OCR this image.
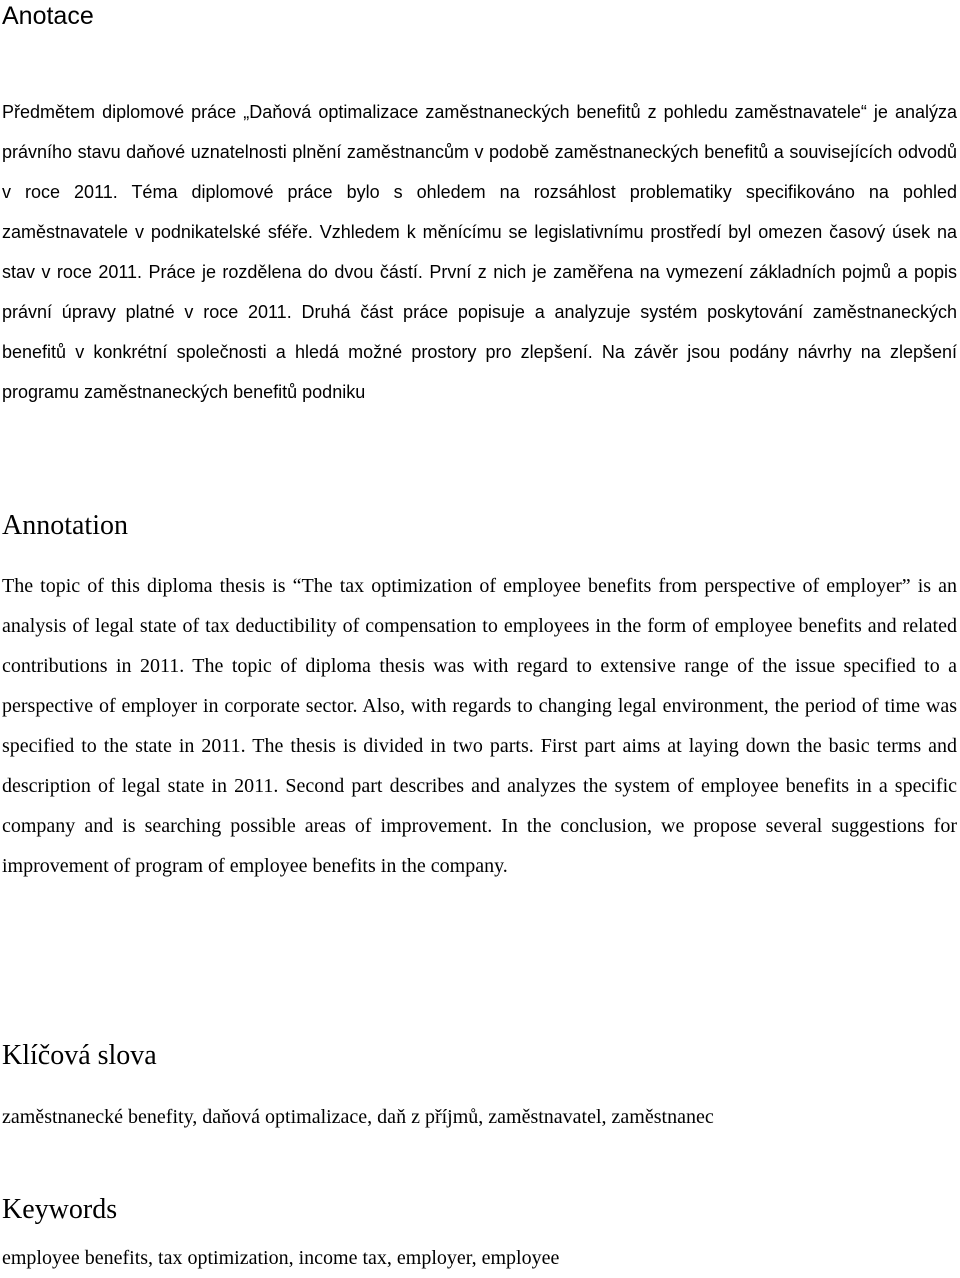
Anotace

Předmětem diplomové práce „Daňová optimalizace zaměstnaneckých benefitů z pohledu zaměstnavatele“ je analýza právního stavu daňové uznatelnosti plnění zaměstnancům v podobě zaměstnaneckých benefitů a souvisejících odvodů v roce 2011. Téma diplomové práce bylo s ohledem na rozsáhlost problematiky specifikováno na pohled zaměstnavatele v podnikatelské sféře. Vzhledem k měnícímu se legislativnímu prostředí byl omezen časový úsek na stav v roce 2011. Práce je rozdělena do dvou částí. První z nich je zaměřena na vymezení základních pojmů a popis právní úpravy platné v roce 2011. Druhá část práce popisuje a analyzuje systém poskytování zaměstnaneckých benefitů v konkrétní společnosti a hledá možné prostory pro zlepšení. Na závěr jsou podány návrhy na zlepšení programu zaměstnaneckých benefitů podniku

Annotation

The topic of this diploma thesis is “The tax optimization of employee benefits from perspective of employer” is an analysis of legal state of tax deductibility of compensation to employees in the form of employee benefits and related contributions in 2011. The topic of diploma thesis was with regard to extensive range of the issue specified to a perspective of employer in corporate sector. Also, with regards to changing legal environment, the period of time was specified to the state in 2011. The thesis is divided in two parts. First part aims at laying down the basic terms and description of legal state in 2011. Second part describes and analyzes the system of employee benefits in a specific company and is searching possible areas of improvement. In the conclusion, we propose several suggestions for improvement of program of employee benefits in the company.

Klíčová slova

zaměstnanecké benefity, daňová optimalizace, daň z příjmů, zaměstnavatel, zaměstnanec

Keywords

employee benefits, tax optimization, income tax, employer, employee
